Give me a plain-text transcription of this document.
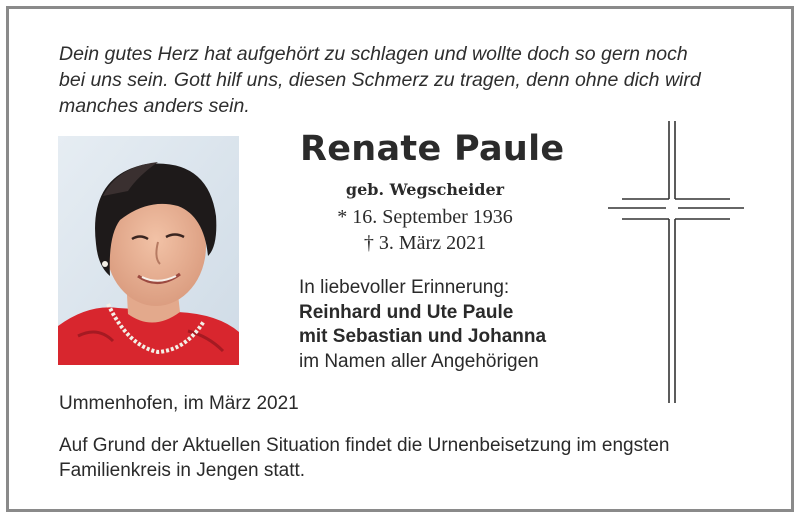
Dein gutes Herz hat aufgehört zu schlagen und wollte doch so gern noch
bei uns sein. Gott hilf uns, diesen Schmerz zu tragen, denn ohne dich wird
manches anders sein.
Renate Paule
geb. Wegscheider
* 16. September 1936
† 3. März 2021
In liebevoller Erinnerung:
Reinhard und Ute Paule
mit Sebastian und Johanna
im Namen aller Angehörigen
Ummenhofen, im März 2021
Auf Grund der Aktuellen Situation findet die Urnenbeisetzung im engsten
Familienkreis in Jengen statt.
